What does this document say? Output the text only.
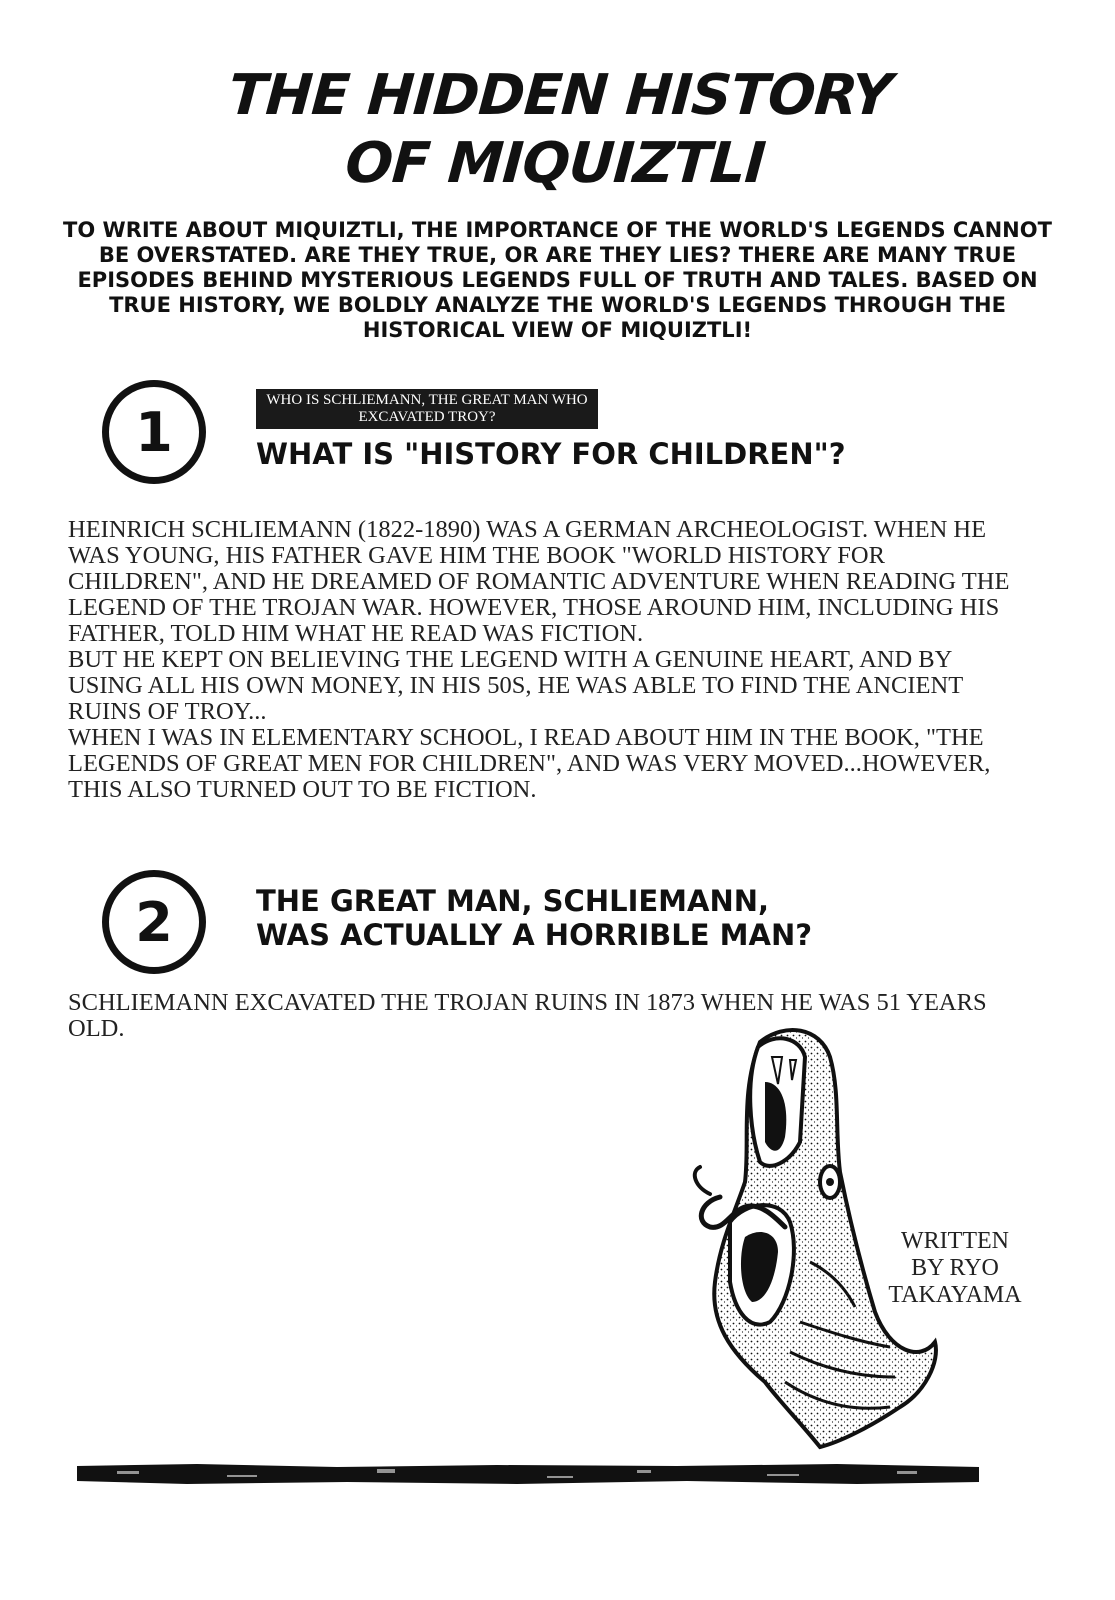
THE HIDDEN HISTORY
OF MIQUIZTLI

TO WRITE ABOUT MIQUIZTLI, THE IMPORTANCE OF THE WORLD'S LEGENDS CANNOT BE OVERSTATED. ARE THEY TRUE, OR ARE THEY LIES? THERE ARE MANY TRUE EPISODES BEHIND MYSTERIOUS LEGENDS FULL OF TRUTH AND TALES. BASED ON TRUE HISTORY, WE BOLDLY ANALYZE THE WORLD'S LEGENDS THROUGH THE HISTORICAL VIEW OF MIQUIZTLI!

1
WHO IS SCHLIEMANN, THE GREAT MAN WHO EXCAVATED TROY?
WHAT IS "HISTORY FOR CHILDREN"?

HEINRICH SCHLIEMANN (1822-1890) WAS A GERMAN ARCHEOLOGIST. WHEN HE WAS YOUNG, HIS FATHER GAVE HIM THE BOOK "WORLD HISTORY FOR CHILDREN", AND HE DREAMED OF ROMANTIC ADVENTURE WHEN READING THE LEGEND OF THE TROJAN WAR. HOWEVER, THOSE AROUND HIM, INCLUDING HIS FATHER, TOLD HIM WHAT HE READ WAS FICTION.

BUT HE KEPT ON BELIEVING THE LEGEND WITH A GENUINE HEART, AND BY USING ALL HIS OWN MONEY, IN HIS 50S, HE WAS ABLE TO FIND THE ANCIENT RUINS OF TROY...

WHEN I WAS IN ELEMENTARY SCHOOL, I READ ABOUT HIM IN THE BOOK, "THE LEGENDS OF GREAT MEN FOR CHILDREN", AND WAS VERY MOVED...HOWEVER, THIS ALSO TURNED OUT TO BE FICTION.

2	THE GREAT MAN, SCHLIEMANN,
WAS ACTUALLY A HORRIBLE MAN?

SCHLIEMANN EXCAVATED THE TROJAN RUINS IN 1873 WHEN HE WAS 51 YEARS OLD.

WRITTEN
BY RYO
TAKAYAMA
